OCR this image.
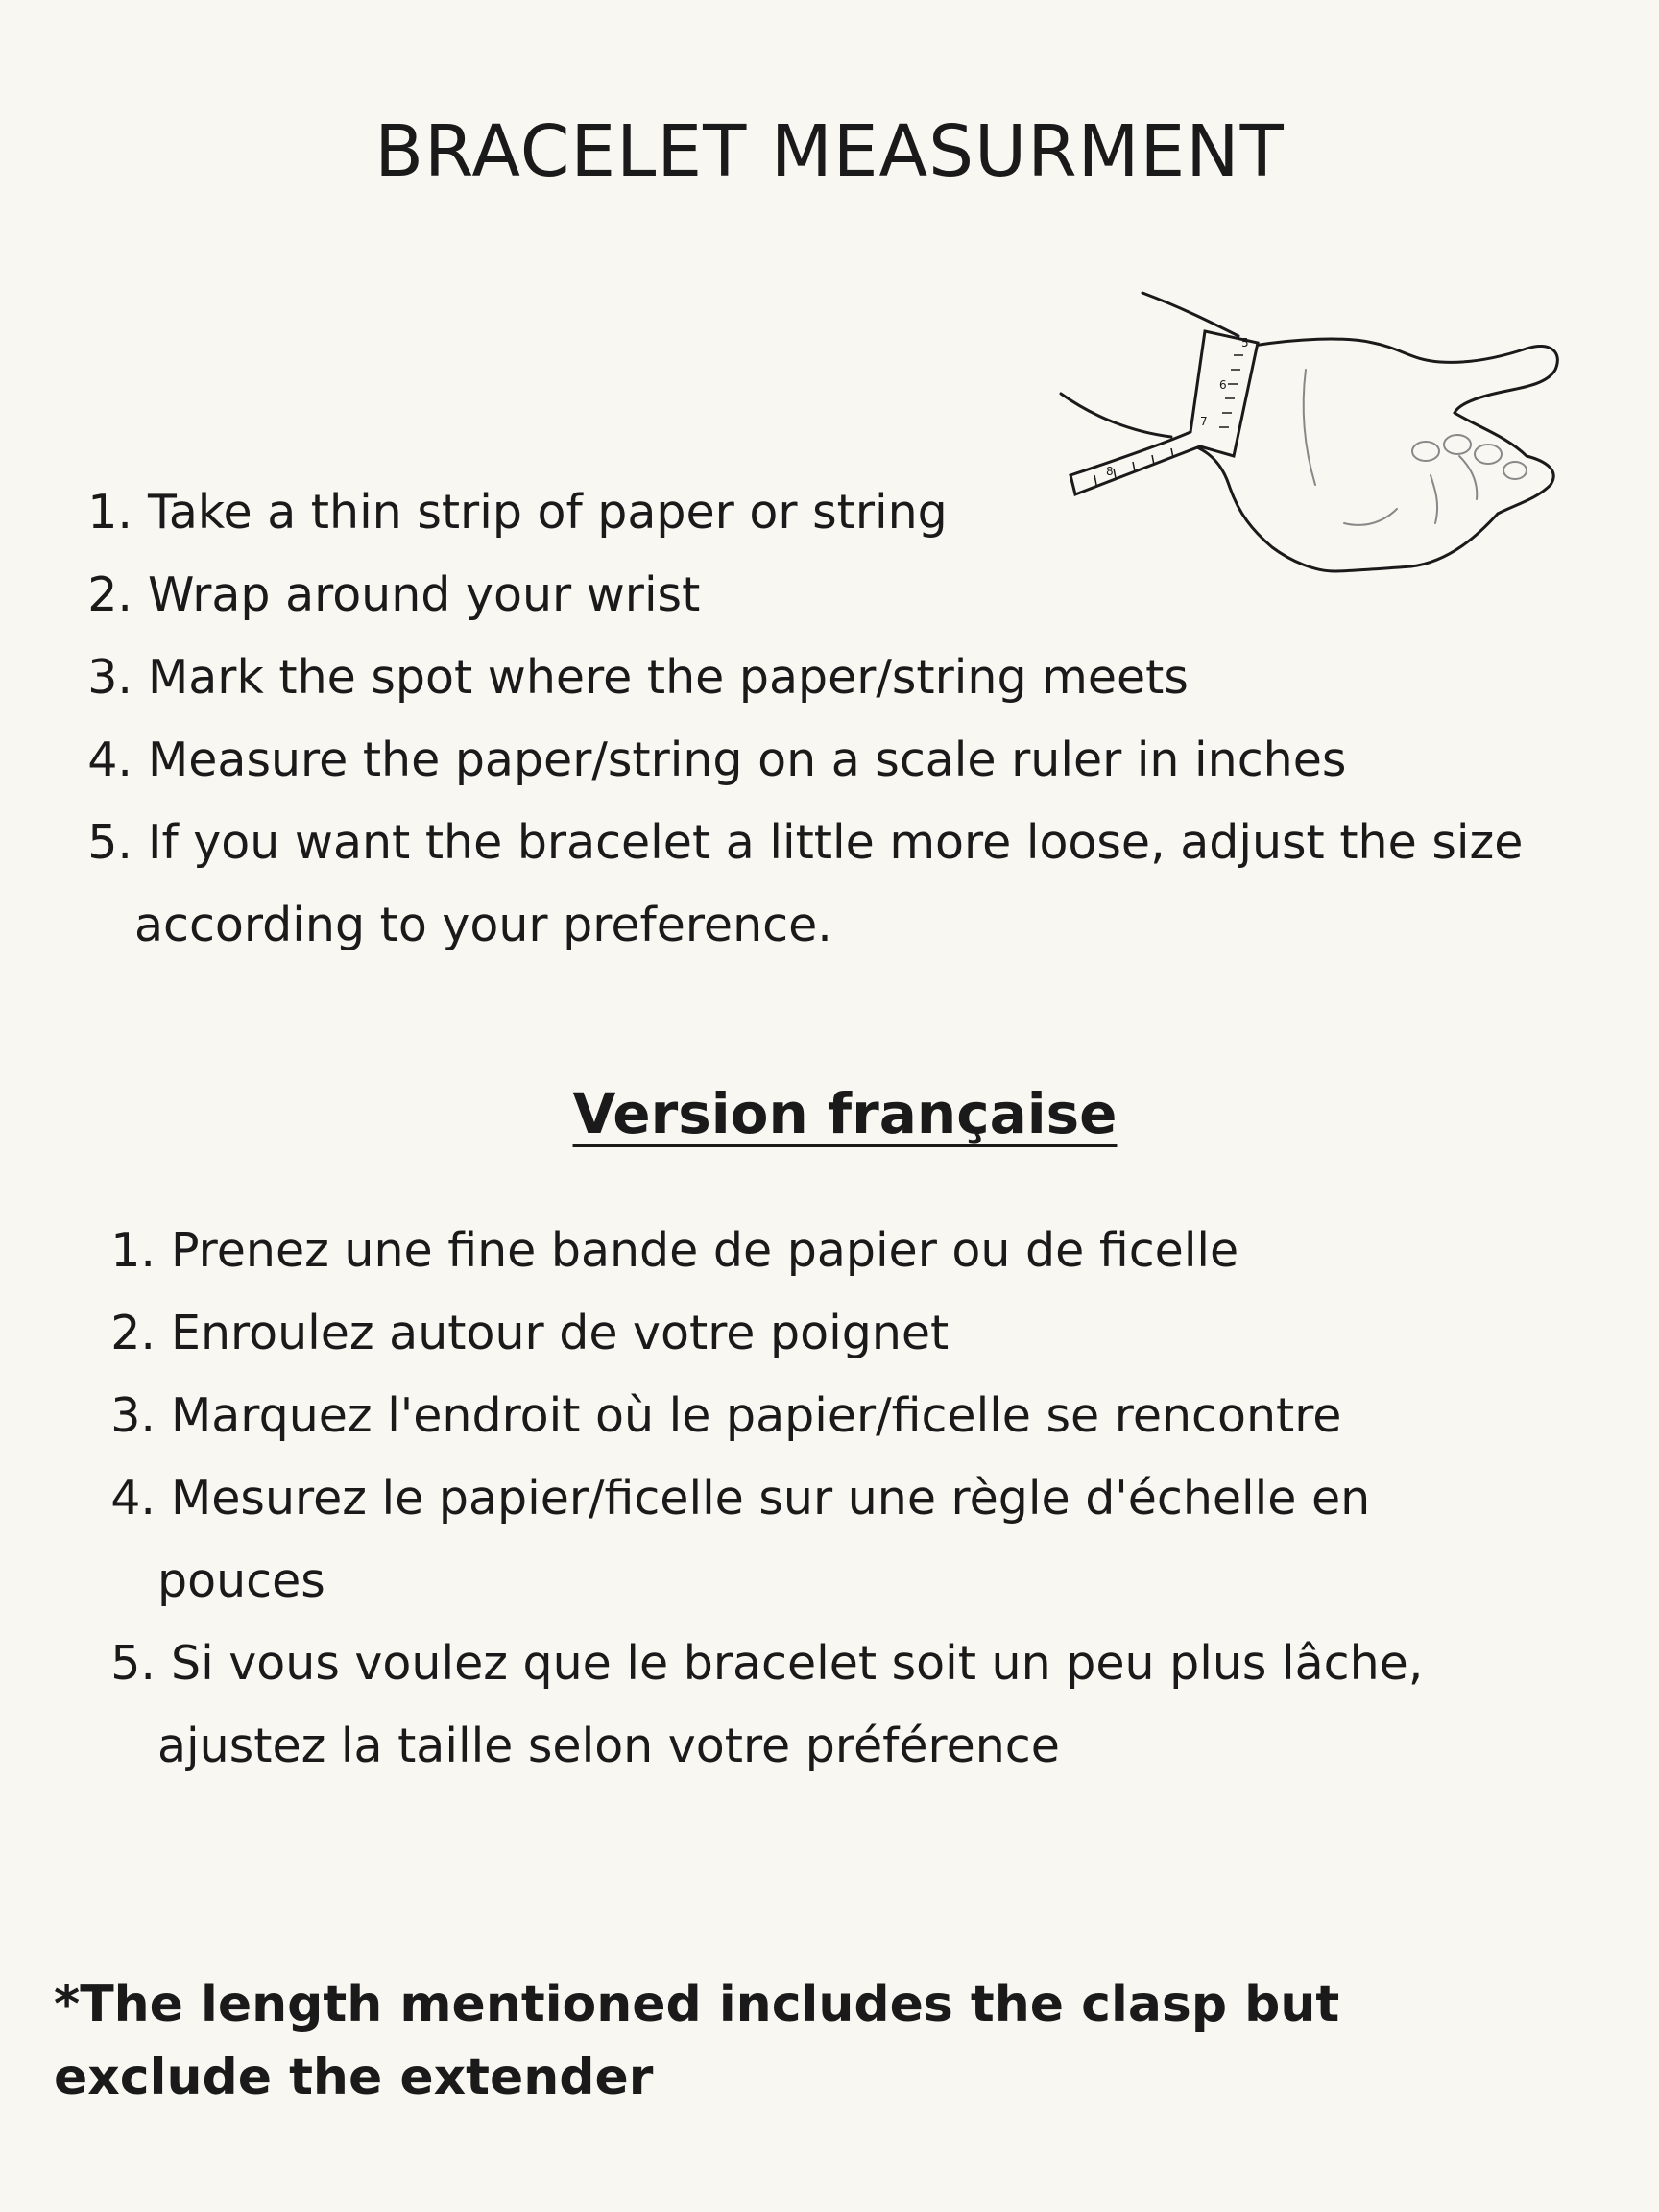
BRACELET MEASURMENT
5
6
7
8
1. Take a thin strip of paper or string
2. Wrap around your wrist
3. Mark the spot where the paper/string meets
4. Measure the paper/string on a scale ruler in inches
5. If you want the bracelet a little more loose, adjust the size
according to your preference.
Version française
1. Prenez une fine bande de papier ou de ficelle
2. Enroulez autour de votre poignet
3. Marquez l'endroit où le papier/ficelle se rencontre
4. Mesurez le papier/ficelle sur une règle d'échelle en
pouces
5. Si vous voulez que le bracelet soit un peu plus lâche,
ajustez la taille selon votre préférence

*The length mentioned includes the clasp but
exclude the extender
